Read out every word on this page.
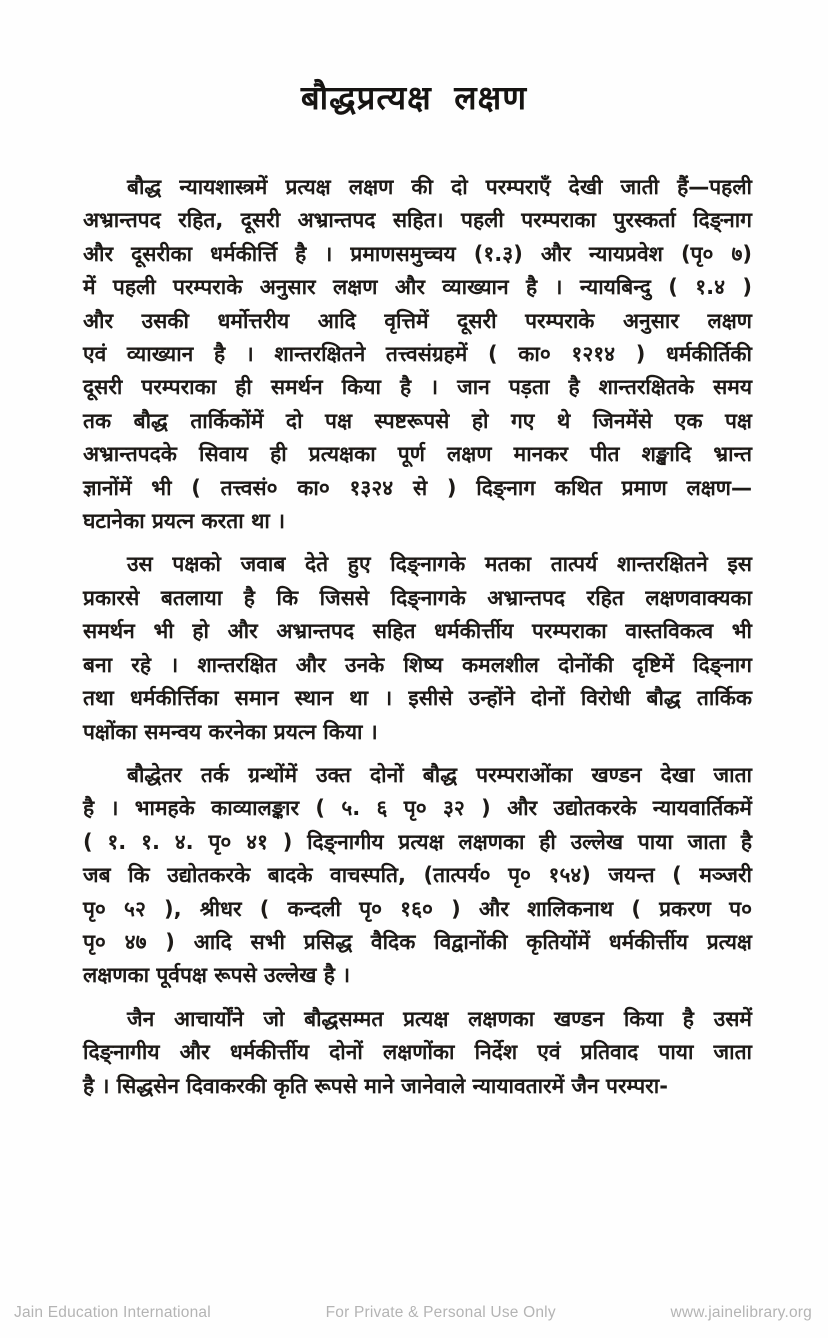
बौद्धप्रत्यक्ष लक्षण
बौद्ध न्यायशास्त्रमें प्रत्यक्ष लक्षण की दो परम्पराएँ देखी जाती हैं—पहली
अभ्रान्तपद रहित, दूसरी अभ्रान्तपद सहित। पहली परम्पराका पुरस्कर्ता दिङ्नाग
और दूसरीका धर्मकीर्त्ति है । प्रमाणसमुच्चय (१.३) और न्यायप्रवेश (पृ० ७)
में पहली परम्पराके अनुसार लक्षण और व्याख्यान है । न्यायबिन्दु ( १.४ )
और उसकी धर्मोत्तरीय आदि वृत्तिमें दूसरी परम्पराके अनुसार लक्षण
एवं व्याख्यान है । शान्तरक्षितने तत्त्वसंग्रहमें ( का० १२१४ ) धर्मकीर्तिकी
दूसरी परम्पराका ही समर्थन किया है । जान पड़ता है शान्तरक्षितके समय
तक बौद्ध तार्किकोंमें दो पक्ष स्पष्टरूपसे हो गए थे जिनमेंसे एक पक्ष
अभ्रान्तपदके सिवाय ही प्रत्यक्षका पूर्ण लक्षण मानकर पीत शङ्खादि भ्रान्त
ज्ञानोंमें भी ( तत्त्वसं० का० १३२४ से ) दिङ्नाग कथित प्रमाण लक्षण—
घटानेका प्रयत्न करता था ।
उस पक्षको जवाब देते हुए दिङ्नागके मतका तात्पर्य शान्तरक्षितने इस
प्रकारसे बतलाया है कि जिससे दिङ्नागके अभ्रान्तपद रहित लक्षणवाक्यका
समर्थन भी हो और अभ्रान्तपद सहित धर्मकीर्त्तीय परम्पराका वास्तविकत्व भी
बना रहे । शान्तरक्षित और उनके शिष्य कमलशील दोनोंकी दृष्टिमें दिङ्नाग
तथा धर्मकीर्त्तिका समान स्थान था । इसीसे उन्होंने दोनों विरोधी बौद्ध तार्किक
पक्षोंका समन्वय करनेका प्रयत्न किया ।
बौद्धेतर तर्क ग्रन्थोंमें उक्त दोनों बौद्ध परम्पराओंका खण्डन देखा जाता
है । भामहके काव्यालङ्कार ( ५. ६ पृ० ३२ ) और उद्योतकरके न्यायवार्तिकमें
( १. १. ४. पृ० ४१ ) दिङ्नागीय प्रत्यक्ष लक्षणका ही उल्लेख पाया जाता है
जब कि उद्योतकरके बादके वाचस्पति, (तात्पर्य० पृ० १५४) जयन्त ( मञ्जरी
पृ० ५२ ), श्रीधर ( कन्दली पृ० १६० ) और शालिकनाथ ( प्रकरण प०
पृ० ४७ ) आदि सभी प्रसिद्ध वैदिक विद्वानोंकी कृतियोंमें धर्मकीर्त्तीय प्रत्यक्ष
लक्षणका पूर्वपक्ष रूपसे उल्लेख है ।
जैन आचार्योंने जो बौद्धसम्मत प्रत्यक्ष लक्षणका खण्डन किया है उसमें
दिङ्नागीय और धर्मकीर्त्तीय दोनों लक्षणोंका निर्देश एवं प्रतिवाद पाया जाता
है । सिद्धसेन दिवाकरकी कृति रूपसे माने जानेवाले न्यायावतारमें जैन परम्परा-
Jain Education International	For Private & Personal Use Only	www.jainelibrary.org
